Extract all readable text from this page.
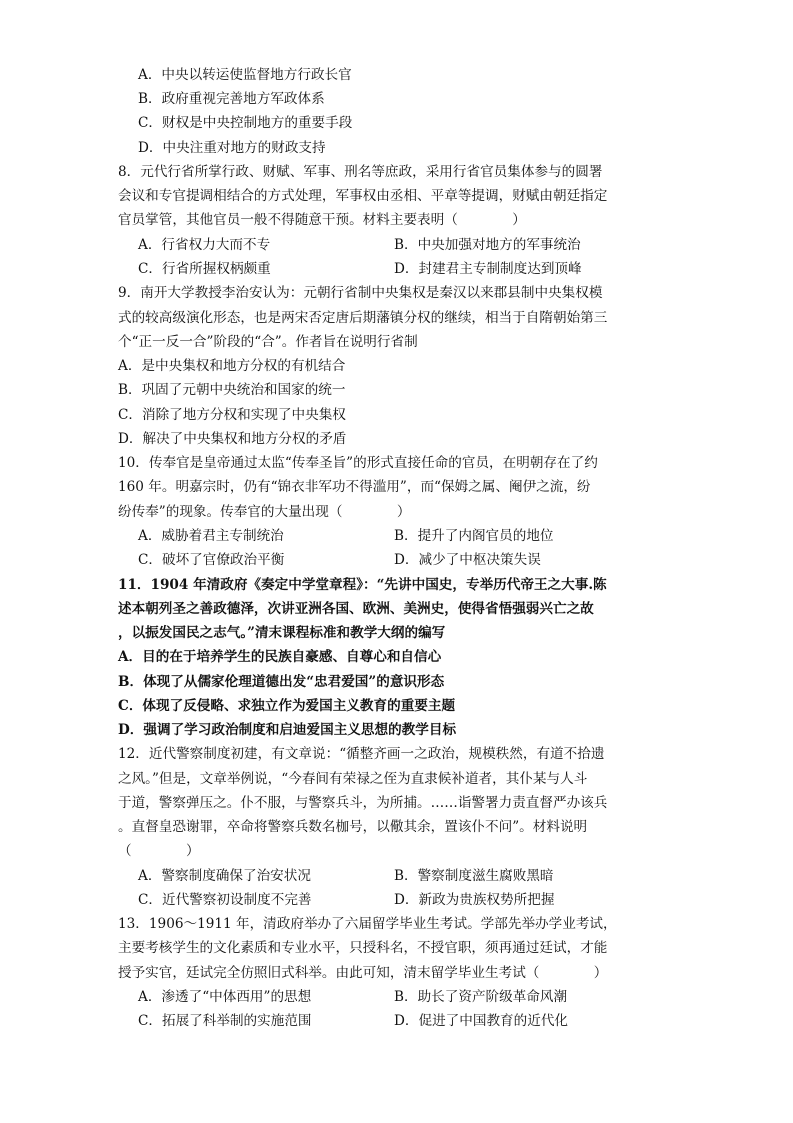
A．中央以转运使监督地方行政长官
B．政府重视完善地方军政体系
C．财权是中央控制地方的重要手段
D．中央注重对地方的财政支持
8．元代行省所掌行政、财赋、军事、刑名等庶政，采用行省官员集体参与的圆署
会议和专官提调相结合的方式处理，军事权由丞相、平章等提调，财赋由朝廷指定
官员掌管，其他官员一般不得随意干预。材料主要表明（　　　　）
A．行省权力大而不专	B．中央加强对地方的军事统治
C．行省所握权柄颇重	D．封建君主专制制度达到顶峰
9．南开大学教授李治安认为：元朝行省制中央集权是秦汉以来郡县制中央集权模
式的较高级演化形态，也是两宋否定唐后期藩镇分权的继续，相当于自隋朝始第三
个“正一反一合”阶段的“合”。作者旨在说明行省制
A．是中央集权和地方分权的有机结合
B．巩固了元朝中央统治和国家的统一
C．消除了地方分权和实现了中央集权
D．解决了中央集权和地方分权的矛盾
10．传奉官是皇帝通过太监“传奉圣旨”的形式直接任命的官员，在明朝存在了约
160 年。明嘉宗时，仍有“锦衣非军功不得滥用”，而“保姆之属、阉伊之流，纷
纷传奉”的现象。传奉官的大量出现（　　　　）
A．威胁着君主专制统治	B．提升了内阁官员的地位
C．破坏了官僚政治平衡	D．减少了中枢决策失误
11．1904 年清政府《奏定中学堂章程》：“先讲中国史，专举历代帝王之大事.陈
述本朝列圣之善政德泽，次讲亚洲各国、欧洲、美洲史，使得省悟强弱兴亡之故
，以振发国民之志气。”清末课程标准和教学大纲的编写
A．目的在于培养学生的民族自豪感、自尊心和自信心
B．体现了从儒家伦理道德出发“忠君爱国”的意识形态
C．体现了反侵略、求独立作为爱国主义教育的重要主题
D．强调了学习政治制度和启迪爱国主义思想的教学目标
12．近代警察制度初建，有文章说：“循整齐画一之政治，规模秩然，有道不拾遗
之风。”但是，文章举例说，“今春间有荣禄之侄为直隶候补道者，其仆某与人斗
于道，警察弹压之。仆不服，与警察兵斗，为所捕。……诣警署力责直督严办该兵
。直督皇恐谢罪，卒命将警察兵数名枷号，以儆其余，置该仆不问”。材料说明
（　　　　）
A．警察制度确保了治安状况	B．警察制度滋生腐败黑暗
C．近代警察初设制度不完善	D．新政为贵族权势所把握
13．1906～1911 年，清政府举办了六届留学毕业生考试。学部先举办学业考试，
主要考核学生的文化素质和专业水平，只授科名，不授官职，须再通过廷试，才能
授予实官，廷试完全仿照旧式科举。由此可知，清末留学毕业生考试（　　　　）
A．渗透了“中体西用”的思想	B．助长了资产阶级革命风潮
C．拓展了科举制的实施范围	D．促进了中国教育的近代化
